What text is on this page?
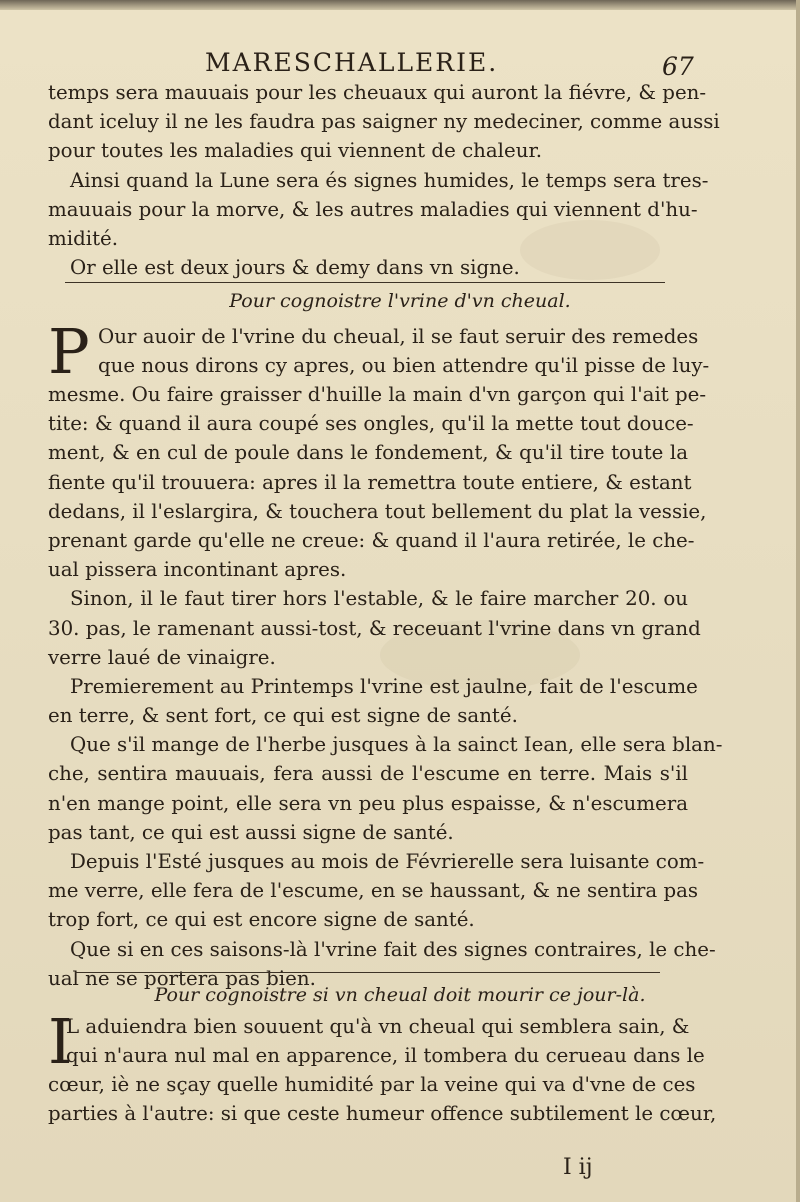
MARESCHALLERIE.	67
temps sera mauuais pour les cheuaux qui auront la fiévre, & pen-
dant iceluy il ne les faudra pas saigner ny medeciner, comme aussi
pour toutes les maladies qui viennent de chaleur.
Ainsi quand la Lune sera és signes humides, le temps sera tres-
mauuais pour la morve, & les autres maladies qui viennent d'hu-
midité.
Or elle est deux jours & demy dans vn signe.
Pour cognoistre l'vrine d'vn cheual.
P Our auoir de l'vrine du cheual, il se faut seruir des remedes
que nous dirons cy apres, ou bien attendre qu'il pisse de luy-
mesme. Ou faire graisser d'huille la main d'vn garçon qui l'ait pe-
tite: & quand il aura coupé ses ongles, qu'il la mette tout douce-
ment, & en cul de poule dans le fondement, & qu'il tire toute la
fiente qu'il trouuera: apres il la remettra toute entiere, & estant
dedans, il l'eslargira, & touchera tout bellement du plat la vessie,
prenant garde qu'elle ne creue: & quand il l'aura retirée, le che-
ual pissera incontinant apres.
Sinon, il le faut tirer hors l'estable, & le faire marcher 20. ou
30. pas, le ramenant aussi-tost, & receuant l'vrine dans vn grand
verre laué de vinaigre.
Premierement au Printemps l'vrine est jaulne, fait de l'escume
en terre, & sent fort, ce qui est signe de santé.
Que s'il mange de l'herbe jusques à la sainct Iean, elle sera blan-
che, sentira mauuais, fera aussi de l'escume en terre. Mais s'il
n'en mange point, elle sera vn peu plus espaisse, & n'escumera
pas tant, ce qui est aussi signe de santé.
Depuis l'Esté jusques au mois de Févrierelle sera luisante com-
me verre, elle fera de l'escume, en se haussant, & ne sentira pas
trop fort, ce qui est encore signe de santé.
Que si en ces saisons-là l'vrine fait des signes contraires, le che-
ual ne se portera pas bien.
Pour cognoistre si vn cheual doit mourir ce jour-là.
I
L aduiendra bien souuent qu'à vn cheual qui semblera sain, &
qui n'aura nul mal en apparence, il tombera du cerueau dans le
cœur, iè ne sçay quelle humidité par la veine qui va d'vne de ces
parties à l'autre: si que ceste humeur offence subtilement le cœur,
I ij
